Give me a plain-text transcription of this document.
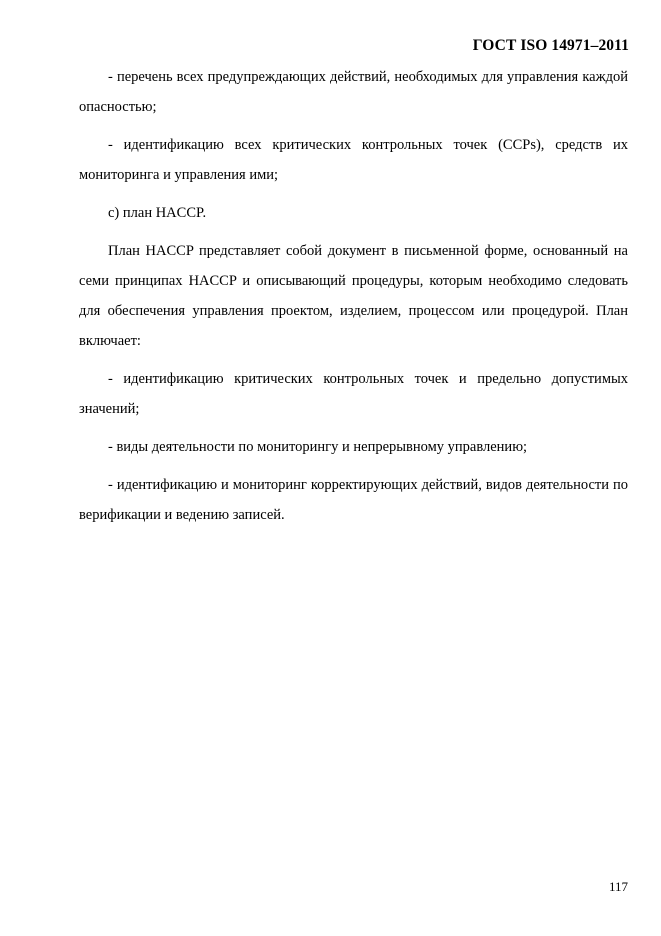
ГОСТ ISO 14971–2011

- перечень всех предупреждающих действий, необходимых для управления каждой опасностью;

- идентификацию всех критических контрольных точек (CCPs), средств их мониторинга и управления ими;

c) план HACCP.

План HACCP представляет собой документ в письменной форме, основанный на семи принципах HACCP и описывающий процедуры, которым необходимо следовать для обеспечения управления проектом, изделием, процессом или процедурой. План включает:

- идентификацию критических контрольных точек и предельно допустимых значений;

- виды деятельности по мониторингу и непрерывному управлению;

- идентификацию и мониторинг корректирующих действий, видов деятельности по верификации и ведению записей.

117
